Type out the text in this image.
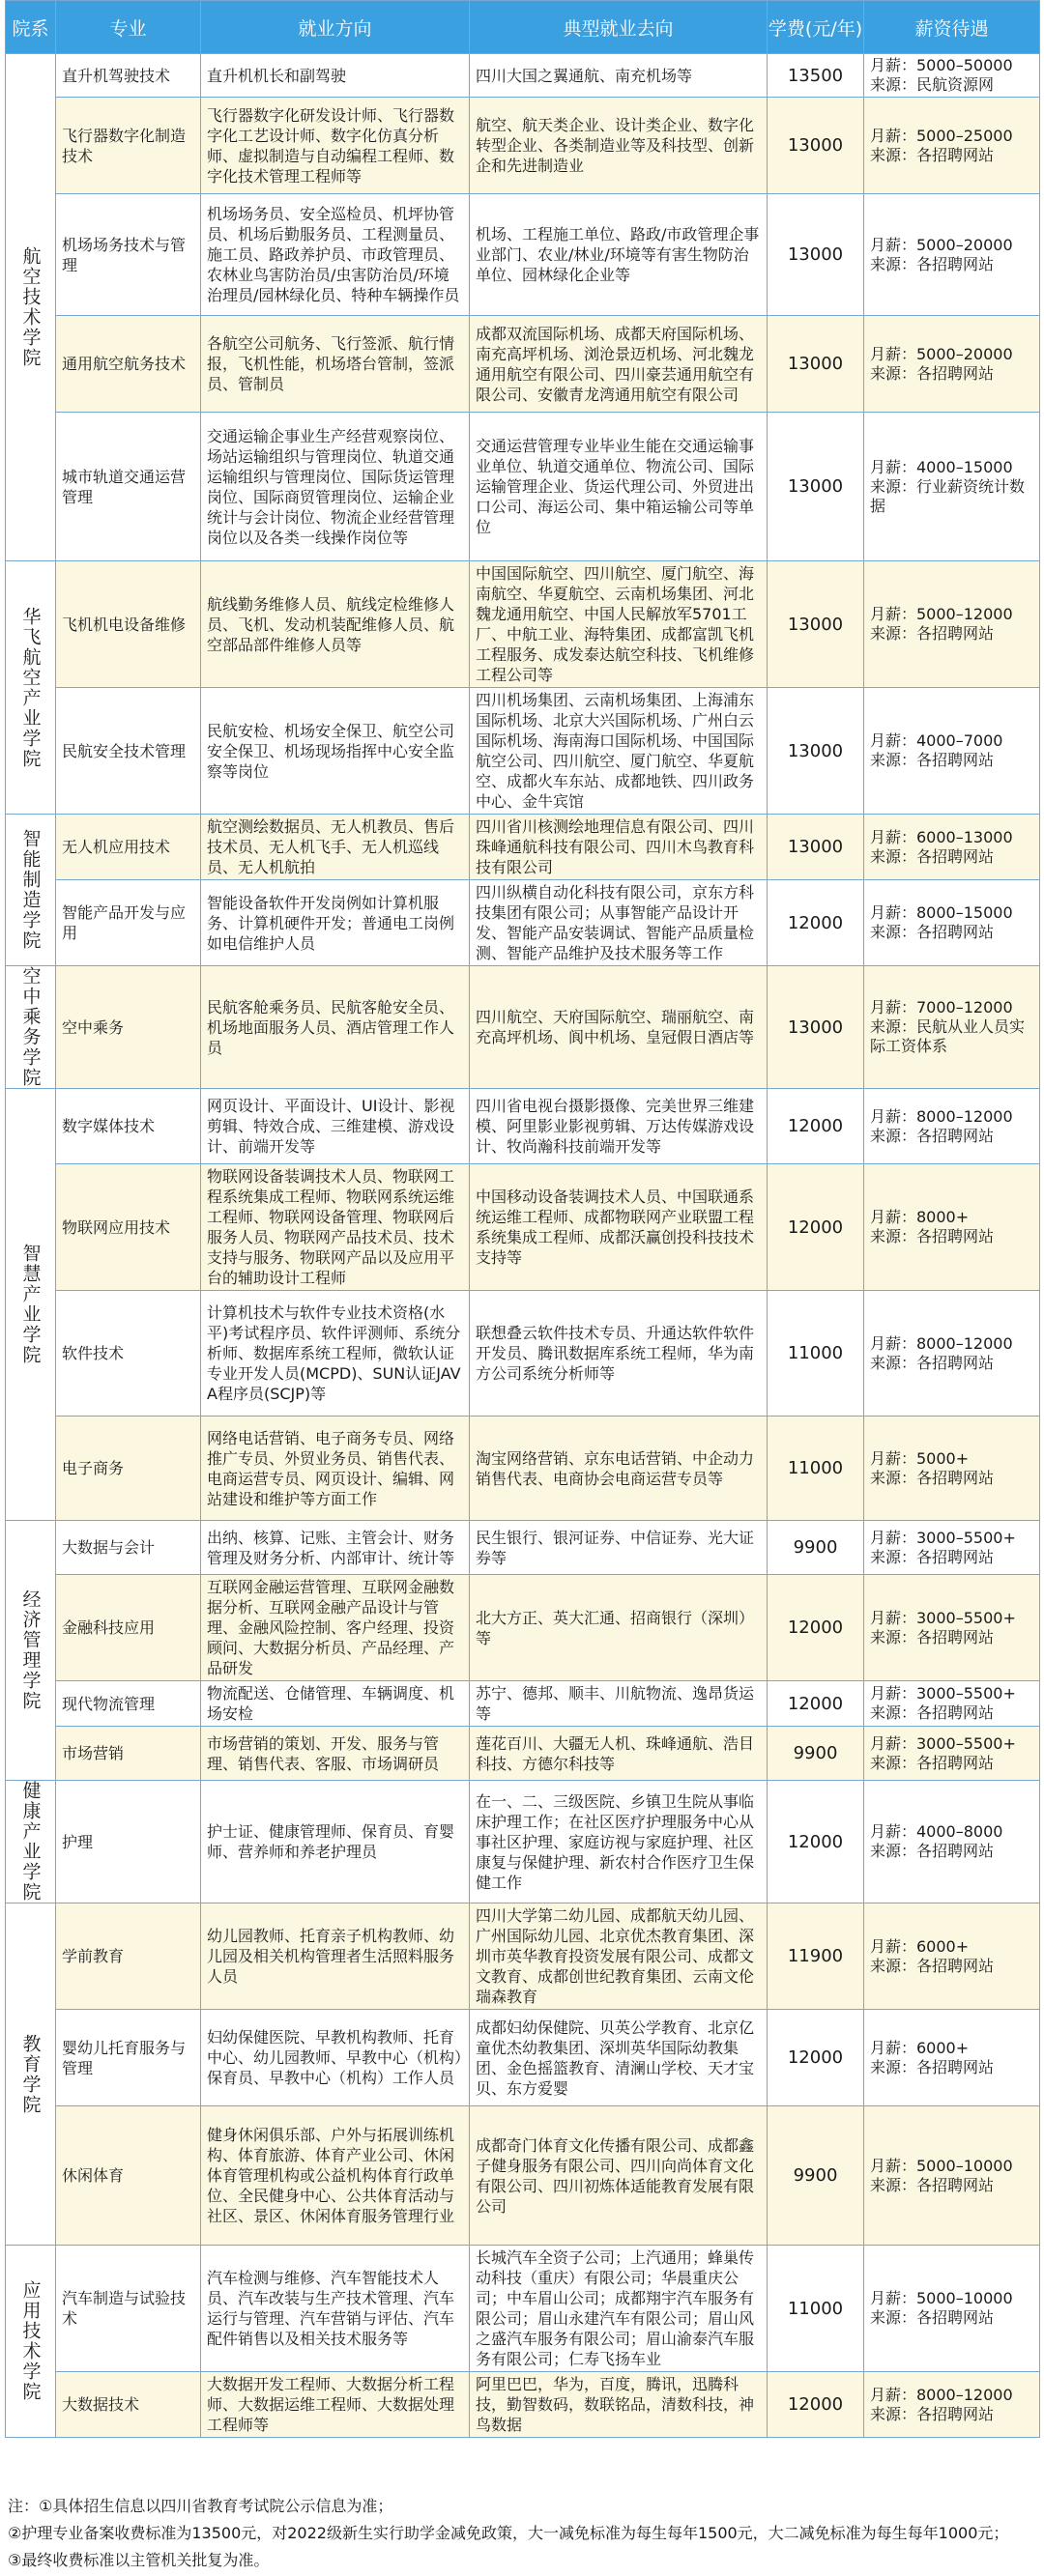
院系	专业	就业方向	典型就业去向	学费(元/年)	薪资待遇
航空技术学院	直升机驾驶技术	直升机机长和副驾驶	四川大国之翼通航、南充机场等	13500	月薪：5000–50000
来源：民航资源网
	飞行器数字化制造技术	飞行器数字化研发设计师、飞行器数字化工艺设计师、数字化仿真分析师、虚拟制造与自动编程工程师、数字化技术管理工程师等	航空、航天类企业、设计类企业、数字化转型企业、各类制造业等及科技型、创新企和先进制造业	13000	月薪：5000–25000
来源：各招聘网站
	机场场务技术与管理	机场场务员、安全巡检员、机坪协管员、机场后勤服务员、工程测量员、施工员、路政养护员、市政管理员、农林业鸟害防治员/虫害防治员/环境治理员/园林绿化员、特种车辆操作员	机场、工程施工单位、路政/市政管理企事业部门、农业/林业/环境等有害生物防治单位、园林绿化企业等	13000	月薪：5000–20000
来源：各招聘网站
	通用航空航务技术	各航空公司航务、飞行签派、航行情报，飞机性能，机场塔台管制，签派员、管制员	成都双流国际机场、成都天府国际机场、南充高坪机场、浏沧景迈机场、河北魏龙通用航空有限公司、四川豪芸通用航空有限公司、安徽青龙湾通用航空有限公司	13000	月薪：5000–20000
来源：各招聘网站
	城市轨道交通运营管理	交通运输企事业生产经营观察岗位、场站运输组织与管理岗位、轨道交通运输组织与管理岗位、国际货运管理岗位、国际商贸管理岗位、运输企业统计与会计岗位、物流企业经营管理岗位以及各类一线操作岗位等	交通运营管理专业毕业生能在交通运输事业单位、轨道交通单位、物流公司、国际运输管理企业、货运代理公司、外贸进出口公司、海运公司、集中箱运输公司等单位	13000	月薪：4000–15000
来源：行业薪资统计数据
华飞航空产业学院	飞机机电设备维修	航线勤务维修人员、航线定检维修人员、飞机、发动机装配维修人员、航空部品部件维修人员等	中国国际航空、四川航空、厦门航空、海南航空、华夏航空、云南机场集团、河北魏龙通用航空、中国人民解放军5701工厂、中航工业、海特集团、成都富凯飞机工程服务、成发泰达航空科技、飞机维修工程公司等	13000	月薪：5000–12000
来源：各招聘网站
	民航安全技术管理	民航安检、机场安全保卫、航空公司安全保卫、机场现场指挥中心安全监察等岗位	四川机场集团、云南机场集团、上海浦东国际机场、北京大兴国际机场、广州白云国际机场、海南海口国际机场、中国国际航空公司、四川航空、厦门航空、华夏航空、成都火车东站、成都地铁、四川政务中心、金牛宾馆	13000	月薪：4000–7000
来源：各招聘网站
智能制造学院	无人机应用技术	航空测绘数据员、无人机教员、售后技术员、无人机飞手、无人机巡线员、无人机航拍	四川省川核测绘地理信息有限公司、四川珠峰通航科技有限公司、四川木鸟教育科技有限公司	13000	月薪：6000–13000
来源：各招聘网站
	智能产品开发与应用	智能设备软件开发岗例如计算机服务、计算机硬件开发；普通电工岗例如电信维护人员	四川纵横自动化科技有限公司，京东方科技集团有限公司；从事智能产品设计开发、智能产品安装调试、智能产品质量检测、智能产品维护及技术服务等工作	12000	月薪：8000–15000
来源：各招聘网站
空中乘务学院	空中乘务	民航客舱乘务员、民航客舱安全员、机场地面服务人员、酒店管理工作人员	四川航空、天府国际航空、瑞丽航空、南充高坪机场、阆中机场、皇冠假日酒店等	13000	月薪：7000–12000
来源：民航从业人员实际工资体系
智慧产业学院	数字媒体技术	网页设计、平面设计、UI设计、影视剪辑、特效合成、三维建模、游戏设计、前端开发等	四川省电视台摄影摄像、完美世界三维建模、阿里影业影视剪辑、万达传媒游戏设计、牧尚瀚科技前端开发等	12000	月薪：8000–12000
来源：各招聘网站
	物联网应用技术	物联网设备装调技术人员、物联网工程系统集成工程师、物联网系统运维工程师、物联网设备管理、物联网后服务人员、物联网产品技术员、技术支持与服务、物联网产品以及应用平台的辅助设计工程师	中国移动设备装调技术人员、中国联通系统运维工程师、成都物联网产业联盟工程系统集成工程师、成都沃赢创投科技技术支持等	12000	月薪：8000+
来源：各招聘网站
	软件技术	计算机技术与软件专业技术资格(水平)考试程序员、软件评测师、系统分析师、数据库系统工程师，微软认证专业开发人员(MCPD)、SUN认证JAVA程序员(SCJP)等	联想叠云软件技术专员、升通达软件软件开发员、腾讯数据库系统工程师，华为南方公司系统分析师等	11000	月薪：8000–12000
来源：各招聘网站
	电子商务	网络电话营销、电子商务专员、网络推广专员、外贸业务员、销售代表、电商运营专员、网页设计、编辑、网站建设和维护等方面工作	淘宝网络营销、京东电话营销、中企动力销售代表、电商协会电商运营专员等	11000	月薪：5000+
来源：各招聘网站
经济管理学院	大数据与会计	出纳、核算、记账、主管会计、财务管理及财务分析、内部审计、统计等	民生银行、银河证券、中信证券、光大证券等	9900	月薪：3000–5500+
来源：各招聘网站
	金融科技应用	互联网金融运营管理、互联网金融数据分析、互联网金融产品设计与管理、金融风险控制、客户经理、投资顾问、大数据分析员、产品经理、产品研发	北大方正、英大汇通、招商银行（深圳）等	12000	月薪：3000–5500+
来源：各招聘网站
	现代物流管理	物流配送、仓储管理、车辆调度、机场安检	苏宁、德邦、顺丰、川航物流、逸昂货运等	12000	月薪：3000–5500+
来源：各招聘网站
	市场营销	市场营销的策划、开发、服务与管理、销售代表、客服、市场调研员	莲花百川、大疆无人机、珠峰通航、浩目科技、方德尔科技等	9900	月薪：3000–5500+
来源：各招聘网站
健康产业学院	护理	护士证、健康管理师、保育员、育婴师、营养师和养老护理员	在一、二、三级医院、乡镇卫生院从事临床护理工作；在社区医疗护理服务中心从事社区护理、家庭访视与家庭护理、社区康复与保健护理、新农村合作医疗卫生保健工作	12000	月薪：4000–8000
来源：各招聘网站
教育学院	学前教育	幼儿园教师、托育亲子机构教师、幼儿园及相关机构管理者生活照料服务人员	四川大学第二幼儿园、成都航天幼儿园、广州国际幼儿园、北京优杰教育集团、深圳市英华教育投资发展有限公司、成都文文教育、成都创世纪教育集团、云南文伦瑞森教育	11900	月薪：6000+
来源：各招聘网站
	婴幼儿托育服务与管理	妇幼保健医院、早教机构教师、托育中心、幼儿园教师、早教中心（机构）保育员、早教中心（机构）工作人员	成都妇幼保健院、贝英公学教育、北京亿童优杰幼教集团、深圳英华国际幼教集团、金色摇篮教育、清澜山学校、天才宝贝、东方爱婴	12000	月薪：6000+
来源：各招聘网站
	休闲体育	健身休闲俱乐部、户外与拓展训练机构、体育旅游、体育产业公司、休闲体育管理机构或公益机构体育行政单位、全民健身中心、公共体育活动与社区、景区、休闲体育服务管理行业	成都奇门体育文化传播有限公司、成都鑫子健身服务有限公司、四川向尚体育文化有限公司、四川初炼体适能教育发展有限公司	9900	月薪：5000–10000
来源：各招聘网站
应用技术学院	汽车制造与试验技术	汽车检测与维修、汽车智能技术人员、汽车改装与生产技术管理、汽车运行与管理、汽车营销与评估、汽车配件销售以及相关技术服务等	长城汽车全资子公司；上汽通用；蜂巢传动科技（重庆）有限公司；华晨重庆公司；中车眉山公司；成都翔宇汽车服务有限公司；眉山永建汽车有限公司；眉山风之盛汽车服务有限公司；眉山渝泰汽车服务有限公司；仁寿飞扬车业	11000	月薪：5000–10000
来源：各招聘网站
	大数据技术	大数据开发工程师、大数据分析工程师、大数据运维工程师、大数据处理工程师等	阿里巴巴，华为，百度，腾讯，迅腾科技，勤智数码，数联铭品，清数科技，神鸟数据	12000	月薪：8000–12000
来源：各招聘网站
注：①具体招生信息以四川省教育考试院公示信息为准；
②护理专业备案收费标准为13500元，对2022级新生实行助学金减免政策，大一减免标准为每生每年1500元，大二减免标准为每生每年1000元；
③最终收费标准以主管机关批复为准。
